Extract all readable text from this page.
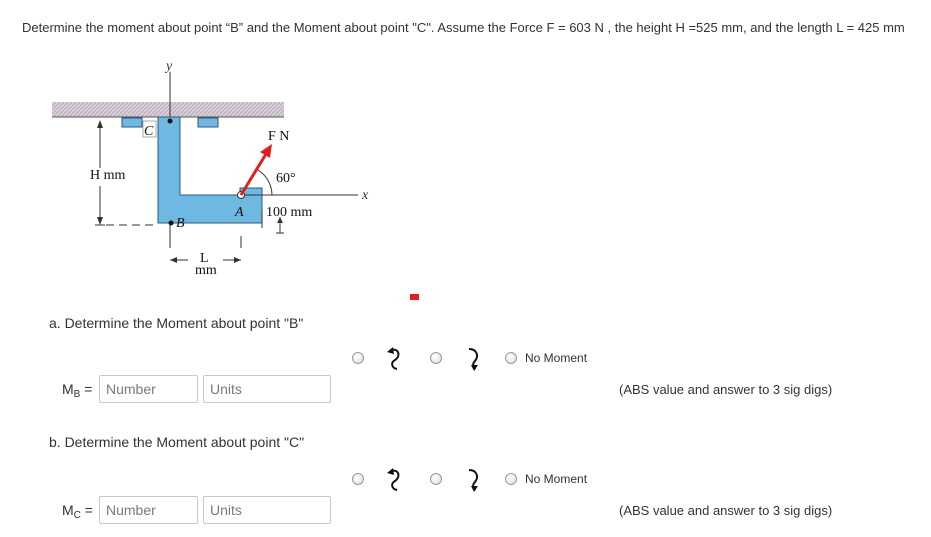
Determine the moment about point “B” and the Moment about point "C". Assume the Force F = 603 N , the height H =525 mm, and the length L = 425 mm
y
C
B
A
x
F N
60°
100 mm
H mm
L
mm
a. Determine the Moment about point "B"
No Moment
$M_B$ =
Number
Units	(ABS value and answer to 3 sig digs)
b. Determine the Moment about point "C"
No Moment
$M_C$ =
Number
Units	(ABS value and answer to 3 sig digs)
